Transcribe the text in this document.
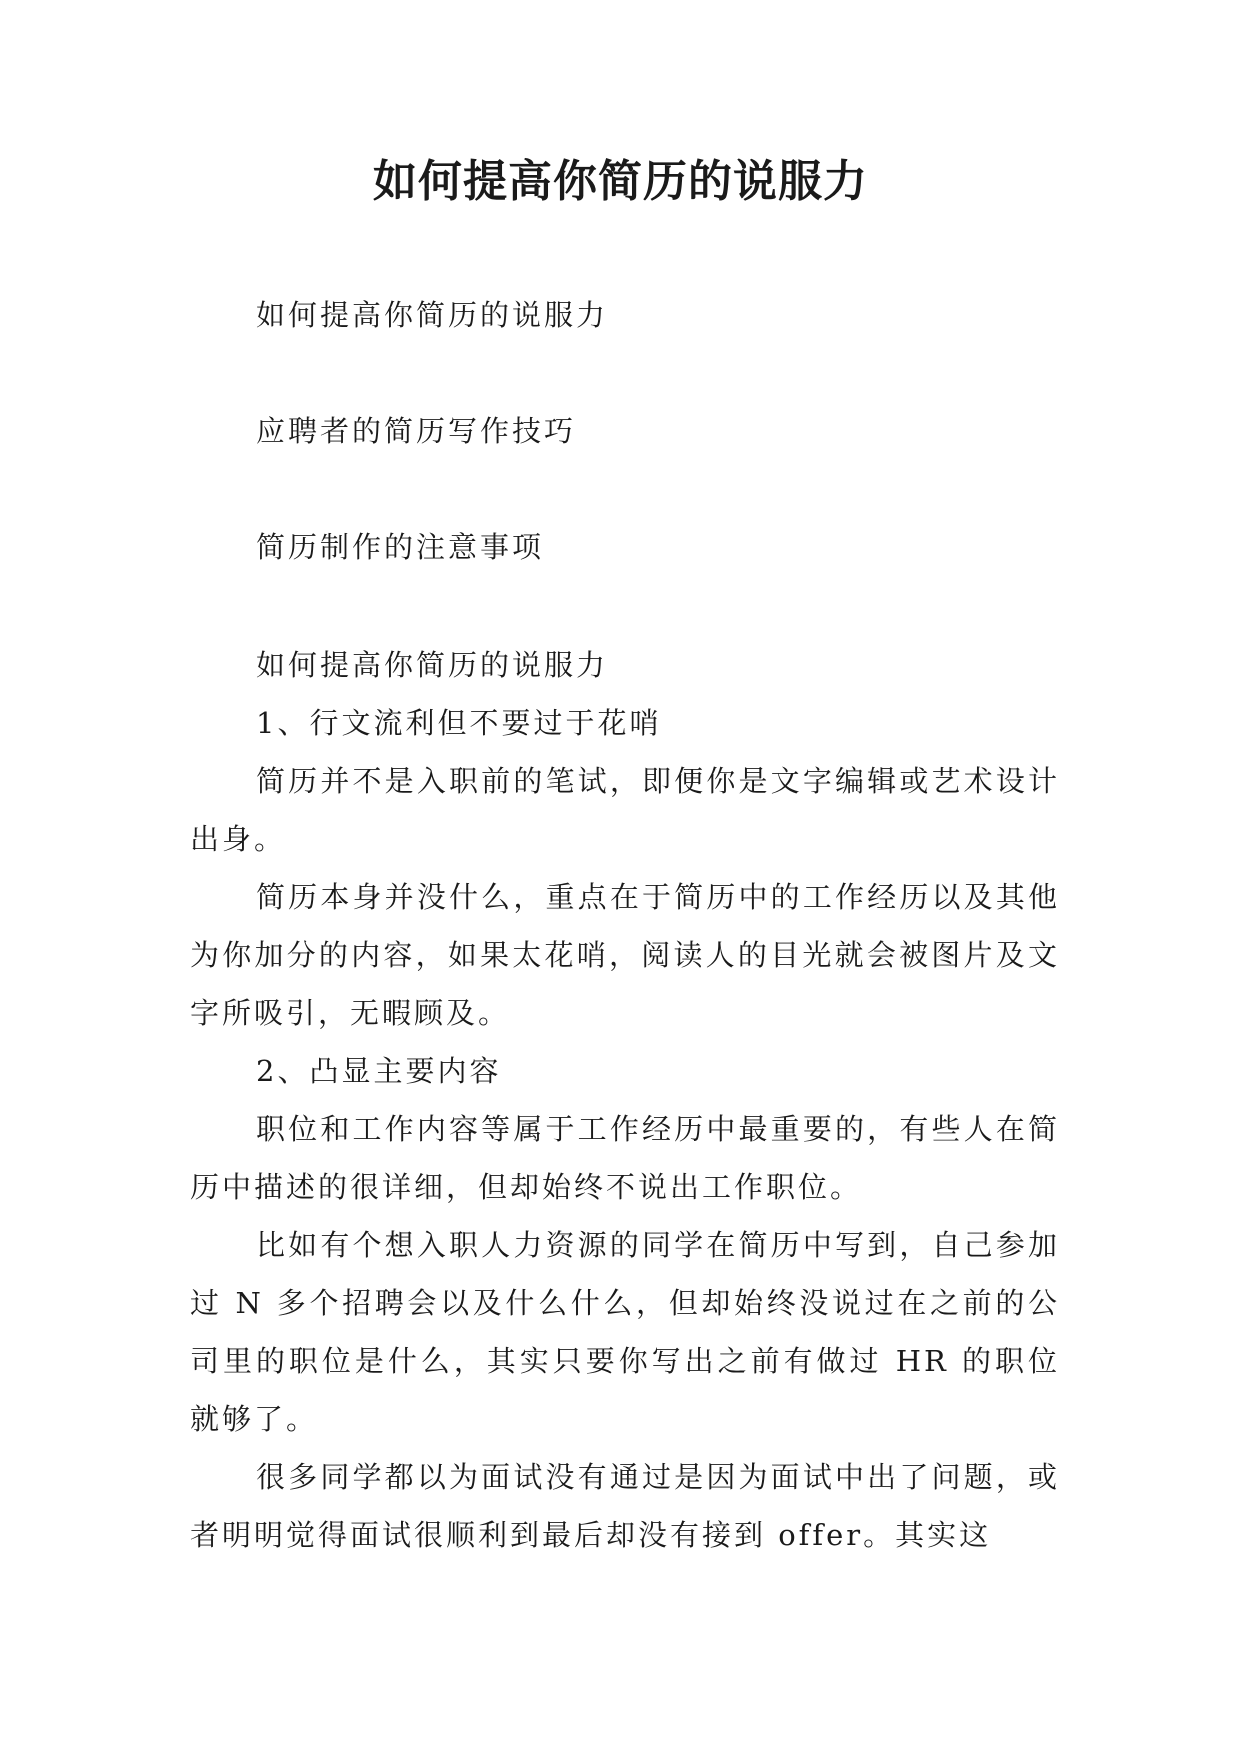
如何提高你简历的说服力

如何提高你简历的说服力

应聘者的简历写作技巧

简历制作的注意事项

如何提高你简历的说服力

1、行文流利但不要过于花哨

简历并不是入职前的笔试，即便你是文字编辑或艺术设计出身。

简历本身并没什么，重点在于简历中的工作经历以及其他为你加分的内容，如果太花哨，阅读人的目光就会被图片及文字所吸引，无暇顾及。

2、凸显主要内容

职位和工作内容等属于工作经历中最重要的，有些人在简历中描述的很详细，但却始终不说出工作职位。

比如有个想入职人力资源的同学在简历中写到，自己参加过 N 多个招聘会以及什么什么，但却始终没说过在之前的公司里的职位是什么，其实只要你写出之前有做过 HR 的职位就够了。

很多同学都以为面试没有通过是因为面试中出了问题，或者明明觉得面试很顺利到最后却没有接到 offer。其实这
